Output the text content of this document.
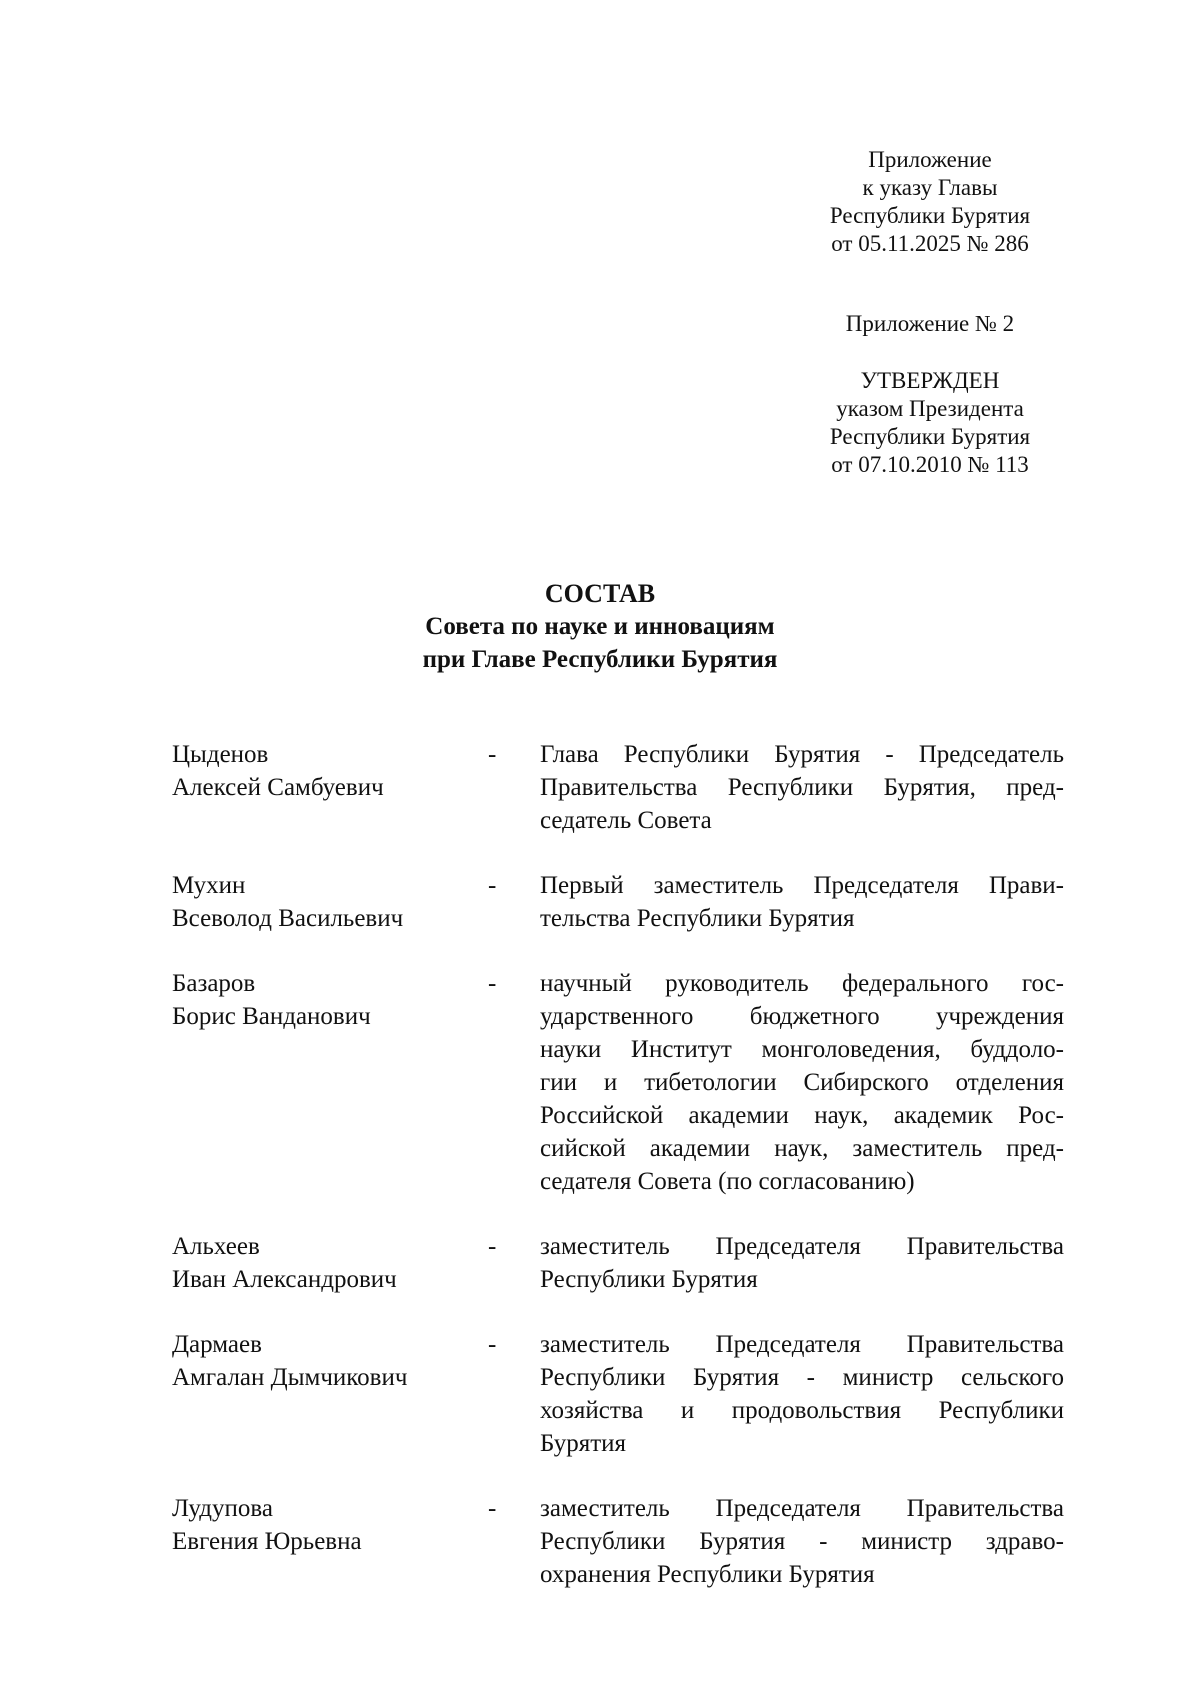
Приложение
к указу Главы
Республики Бурятия
от 05.11.2025 № 286
Приложение № 2
УТВЕРЖДЕН
указом Президента
Республики Бурятия
от 07.10.2010 № 113
СОСТАВ
Совета по науке и инновациям
при Главе Республики Бурятия
Цыденов
Алексей Самбуевич
-	Глава Республики Бурятия - Председатель
Правительства Республики Бурятия, пред-
седатель Совета
Мухин
Всеволод Васильевич
-	Первый заместитель Председателя Прави-
тельства Республики Бурятия
Базаров
Борис Ванданович
-	научный руководитель федерального гос-
ударственного бюджетного учреждения
науки Институт монголоведения, буддоло-
гии и тибетологии Сибирского отделения
Российской академии наук, академик Рос-
сийской академии наук, заместитель пред-
седателя Совета (по согласованию)
Альхеев
Иван Александрович
-	заместитель Председателя Правительства
Республики Бурятия
Дармаев
Амгалан Дымчикович
-	заместитель Председателя Правительства
Республики Бурятия - министр сельского
хозяйства и продовольствия Республики
Бурятия
Лудупова
Евгения Юрьевна
-	заместитель Председателя Правительства
Республики Бурятия - министр здраво-
охранения Республики Бурятия
